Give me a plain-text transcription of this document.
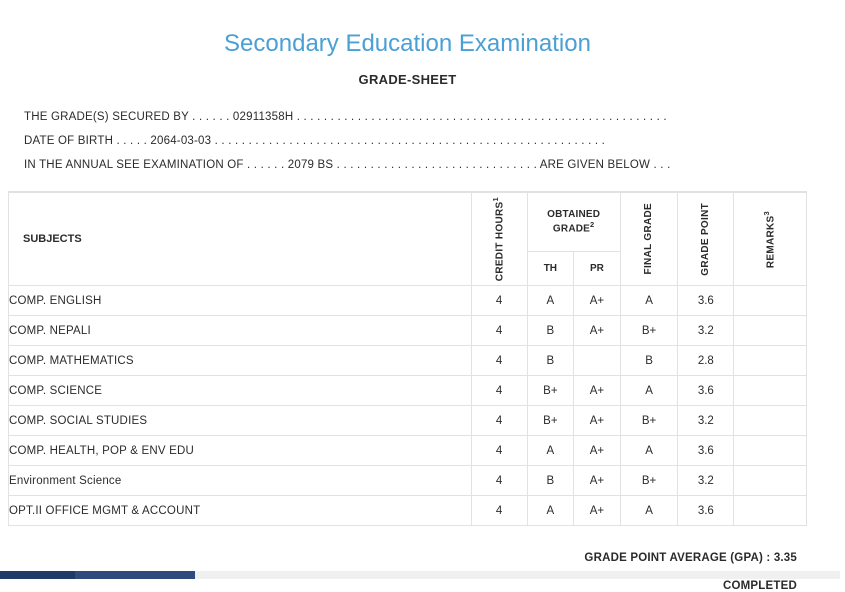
Secondary Education Examination
GRADE-SHEET
THE GRADE(S) SECURED BY . . . . . . 02911358H . . . . . . . . . . . . . . . . . . . . . . . . . . . . . . . . . . . . . . . . . . . . . . . . . . . . . . .
DATE OF BIRTH . . . . . 2064-03-03 . . . . . . . . . . . . . . . . . . . . . . . . . . . . . . . . . . . . . . . . . . . . . . . . . . . . . . . . . .
IN THE ANNUAL SEE EXAMINATION OF . . . . . . 2079 BS . . . . . . . . . . . . . . . . . . . . . . . . . . . . . . ARE GIVEN BELOW . . .
SUBJECTS	CREDIT HOURS$^1$	OBTAINED GRADE$^2$		FINAL GRADE	GRADE POINT	REMARKS$^3$

		TH	PR			
COMP. ENGLISH	4	A	A+	A	3.6	
COMP. NEPALI	4	B	A+	B+	3.2	
COMP. MATHEMATICS	4	B		B	2.8	
COMP. SCIENCE	4	B+	A+	A	3.6	
COMP. SOCIAL STUDIES	4	B+	A+	B+	3.2	
COMP. HEALTH, POP & ENV EDU	4	A	A+	A	3.6	
Environment Science	4	B	A+	B+	3.2	
OPT.II OFFICE MGMT & ACCOUNT	4	A	A+	A	3.6	
GRADE POINT AVERAGE (GPA) : 3.35
COMPLETED
